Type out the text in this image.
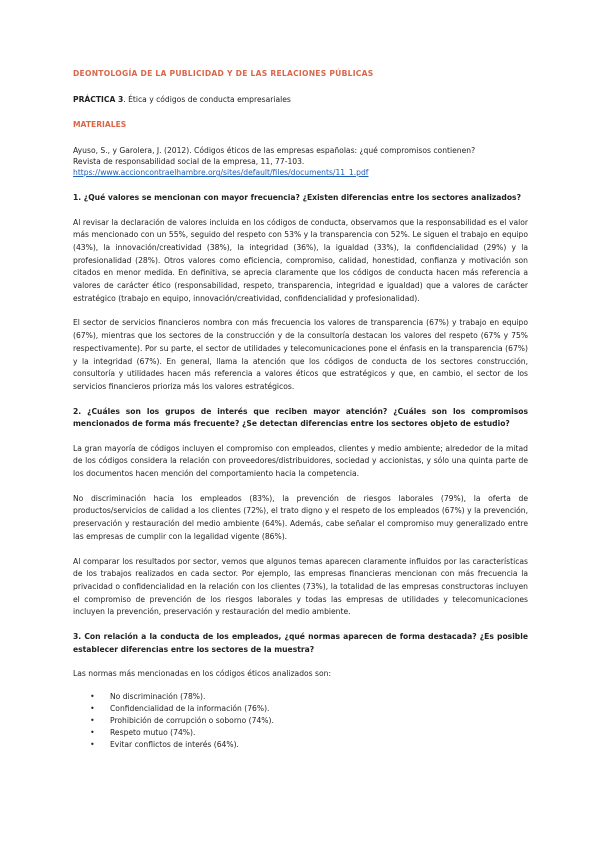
DEONTOLOGÍA DE LA PUBLICIDAD Y DE LAS RELACIONES PÚBLICAS
PRÁCTICA 3. Ética y códigos de conducta empresariales
MATERIALES
Ayuso, S., y Garolera, J. (2012). Códigos éticos de las empresas españolas: ¿qué compromisos contienen?
Revista de responsabilidad social de la empresa, 11, 77-103.
https://www.accioncontraelhambre.org/sites/default/files/documents/11_1.pdf
1. ¿Qué valores se mencionan con mayor frecuencia? ¿Existen diferencias entre los sectores analizados?
Al revisar la declaración de valores incluida en los códigos de conducta, observamos que la responsabilidad es el valor más mencionado con un 55%, seguido del respeto con 53% y la transparencia con 52%. Le siguen el trabajo en equipo (43%), la innovación/creatividad (38%), la integridad (36%), la igualdad (33%), la confidencialidad (29%) y la profesionalidad (28%). Otros valores como eficiencia, compromiso, calidad, honestidad, confianza y motivación son citados en menor medida. En definitiva, se aprecia claramente que los códigos de conducta hacen más referencia a valores de carácter ético (responsabilidad, respeto, transparencia, integridad e igualdad) que a valores de carácter estratégico (trabajo en equipo, innovación/creatividad, confidencialidad y profesionalidad).
El sector de servicios financieros nombra con más frecuencia los valores de transparencia (67%) y trabajo en equipo (67%), mientras que los sectores de la construcción y de la consultoría destacan los valores del respeto (67% y 75% respectivamente). Por su parte, el sector de utilidades y telecomunicaciones pone el énfasis en la transparencia (67%) y la integridad (67%). En general, llama la atención que los códigos de conducta de los sectores construcción, consultoría y utilidades hacen más referencia a valores éticos que estratégicos y que, en cambio, el sector de los servicios financieros prioriza más los valores estratégicos.
2. ¿Cuáles son los grupos de interés que reciben mayor atención? ¿Cuáles son los compromisos mencionados de forma más frecuente? ¿Se detectan diferencias entre los sectores objeto de estudio?
La gran mayoría de códigos incluyen el compromiso con empleados, clientes y medio ambiente; alrededor de la mitad de los códigos considera la relación con proveedores/distribuidores, sociedad y accionistas, y sólo una quinta parte de los documentos hacen mención del comportamiento hacia la competencia.
No discriminación hacia los empleados (83%), la prevención de riesgos laborales (79%), la oferta de productos/servicios de calidad a los clientes (72%), el trato digno y el respeto de los empleados (67%) y la prevención, preservación y restauración del medio ambiente (64%). Además, cabe señalar el compromiso muy generalizado entre las empresas de cumplir con la legalidad vigente (86%).
Al comparar los resultados por sector, vemos que algunos temas aparecen claramente influidos por las características de los trabajos realizados en cada sector. Por ejemplo, las empresas financieras mencionan con más frecuencia la privacidad o confidencialidad en la relación con los clientes (73%), la totalidad de las empresas constructoras incluyen el compromiso de prevención de los riesgos laborales y todas las empresas de utilidades y telecomunicaciones incluyen la prevención, preservación y restauración del medio ambiente.
3. Con relación a la conducta de los empleados, ¿qué normas aparecen de forma destacada? ¿Es posible establecer diferencias entre los sectores de la muestra?
Las normas más mencionadas en los códigos éticos analizados son:
• No discriminación (78%).
• Confidencialidad de la información (76%).
• Prohibición de corrupción o soborno (74%).
• Respeto mutuo (74%).
• Evitar conflictos de interés (64%).
